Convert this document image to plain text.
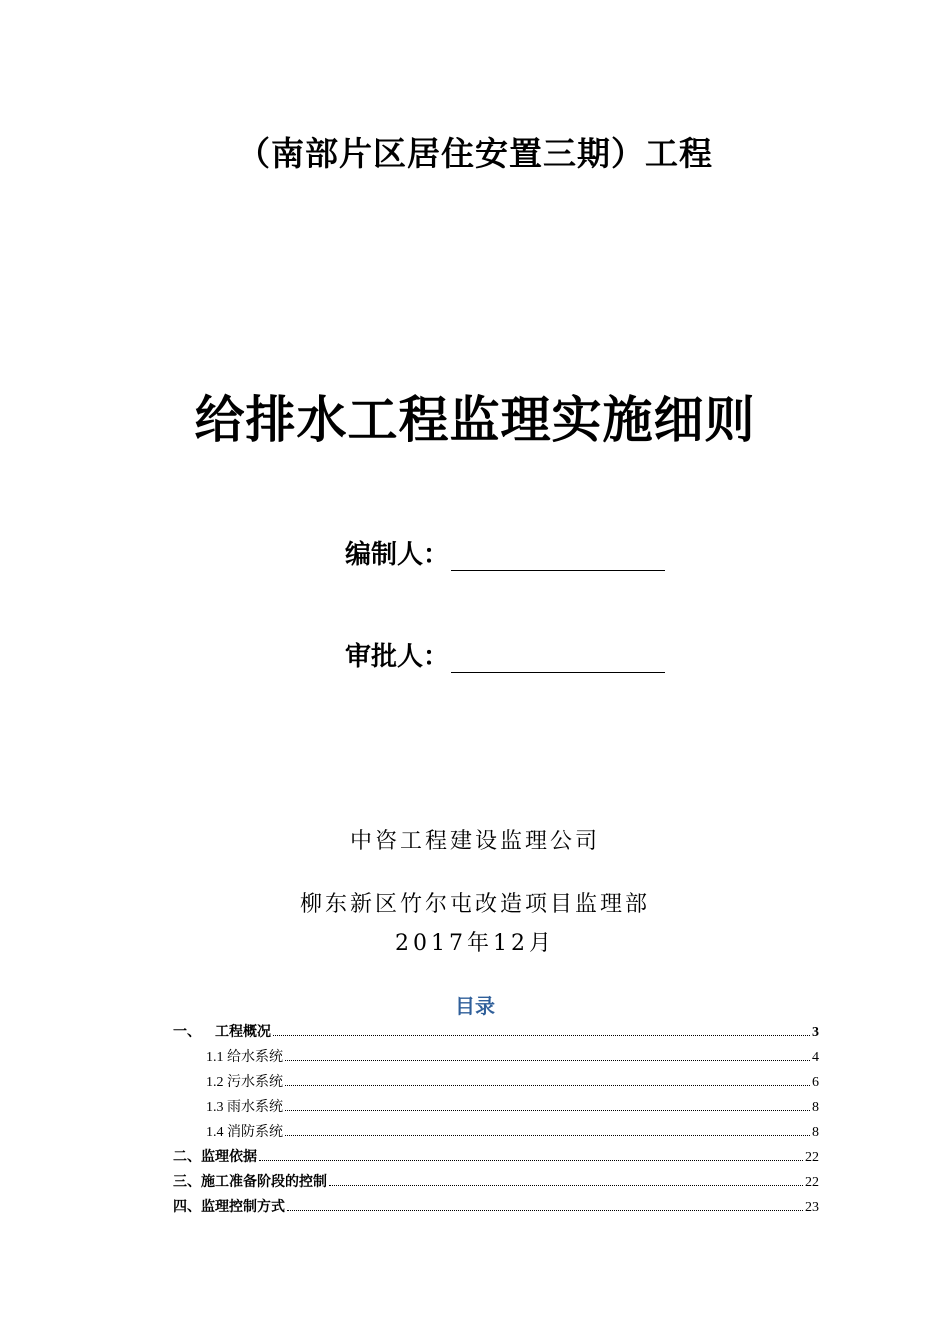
（南部片区居住安置三期）工程
给排水工程监理实施细则
编制人：
审批人：
中咨工程建设监理公司
柳东新区竹尔屯改造项目监理部
2017年12月
目录
一、	工程概况	3
1.1 给水系统	4
1.2 污水系统	6
1.3 雨水系统	8
1.4 消防系统	8
二、 监理依据	22
三、 施工准备阶段的控制	22
四、 监理控制方式	23
